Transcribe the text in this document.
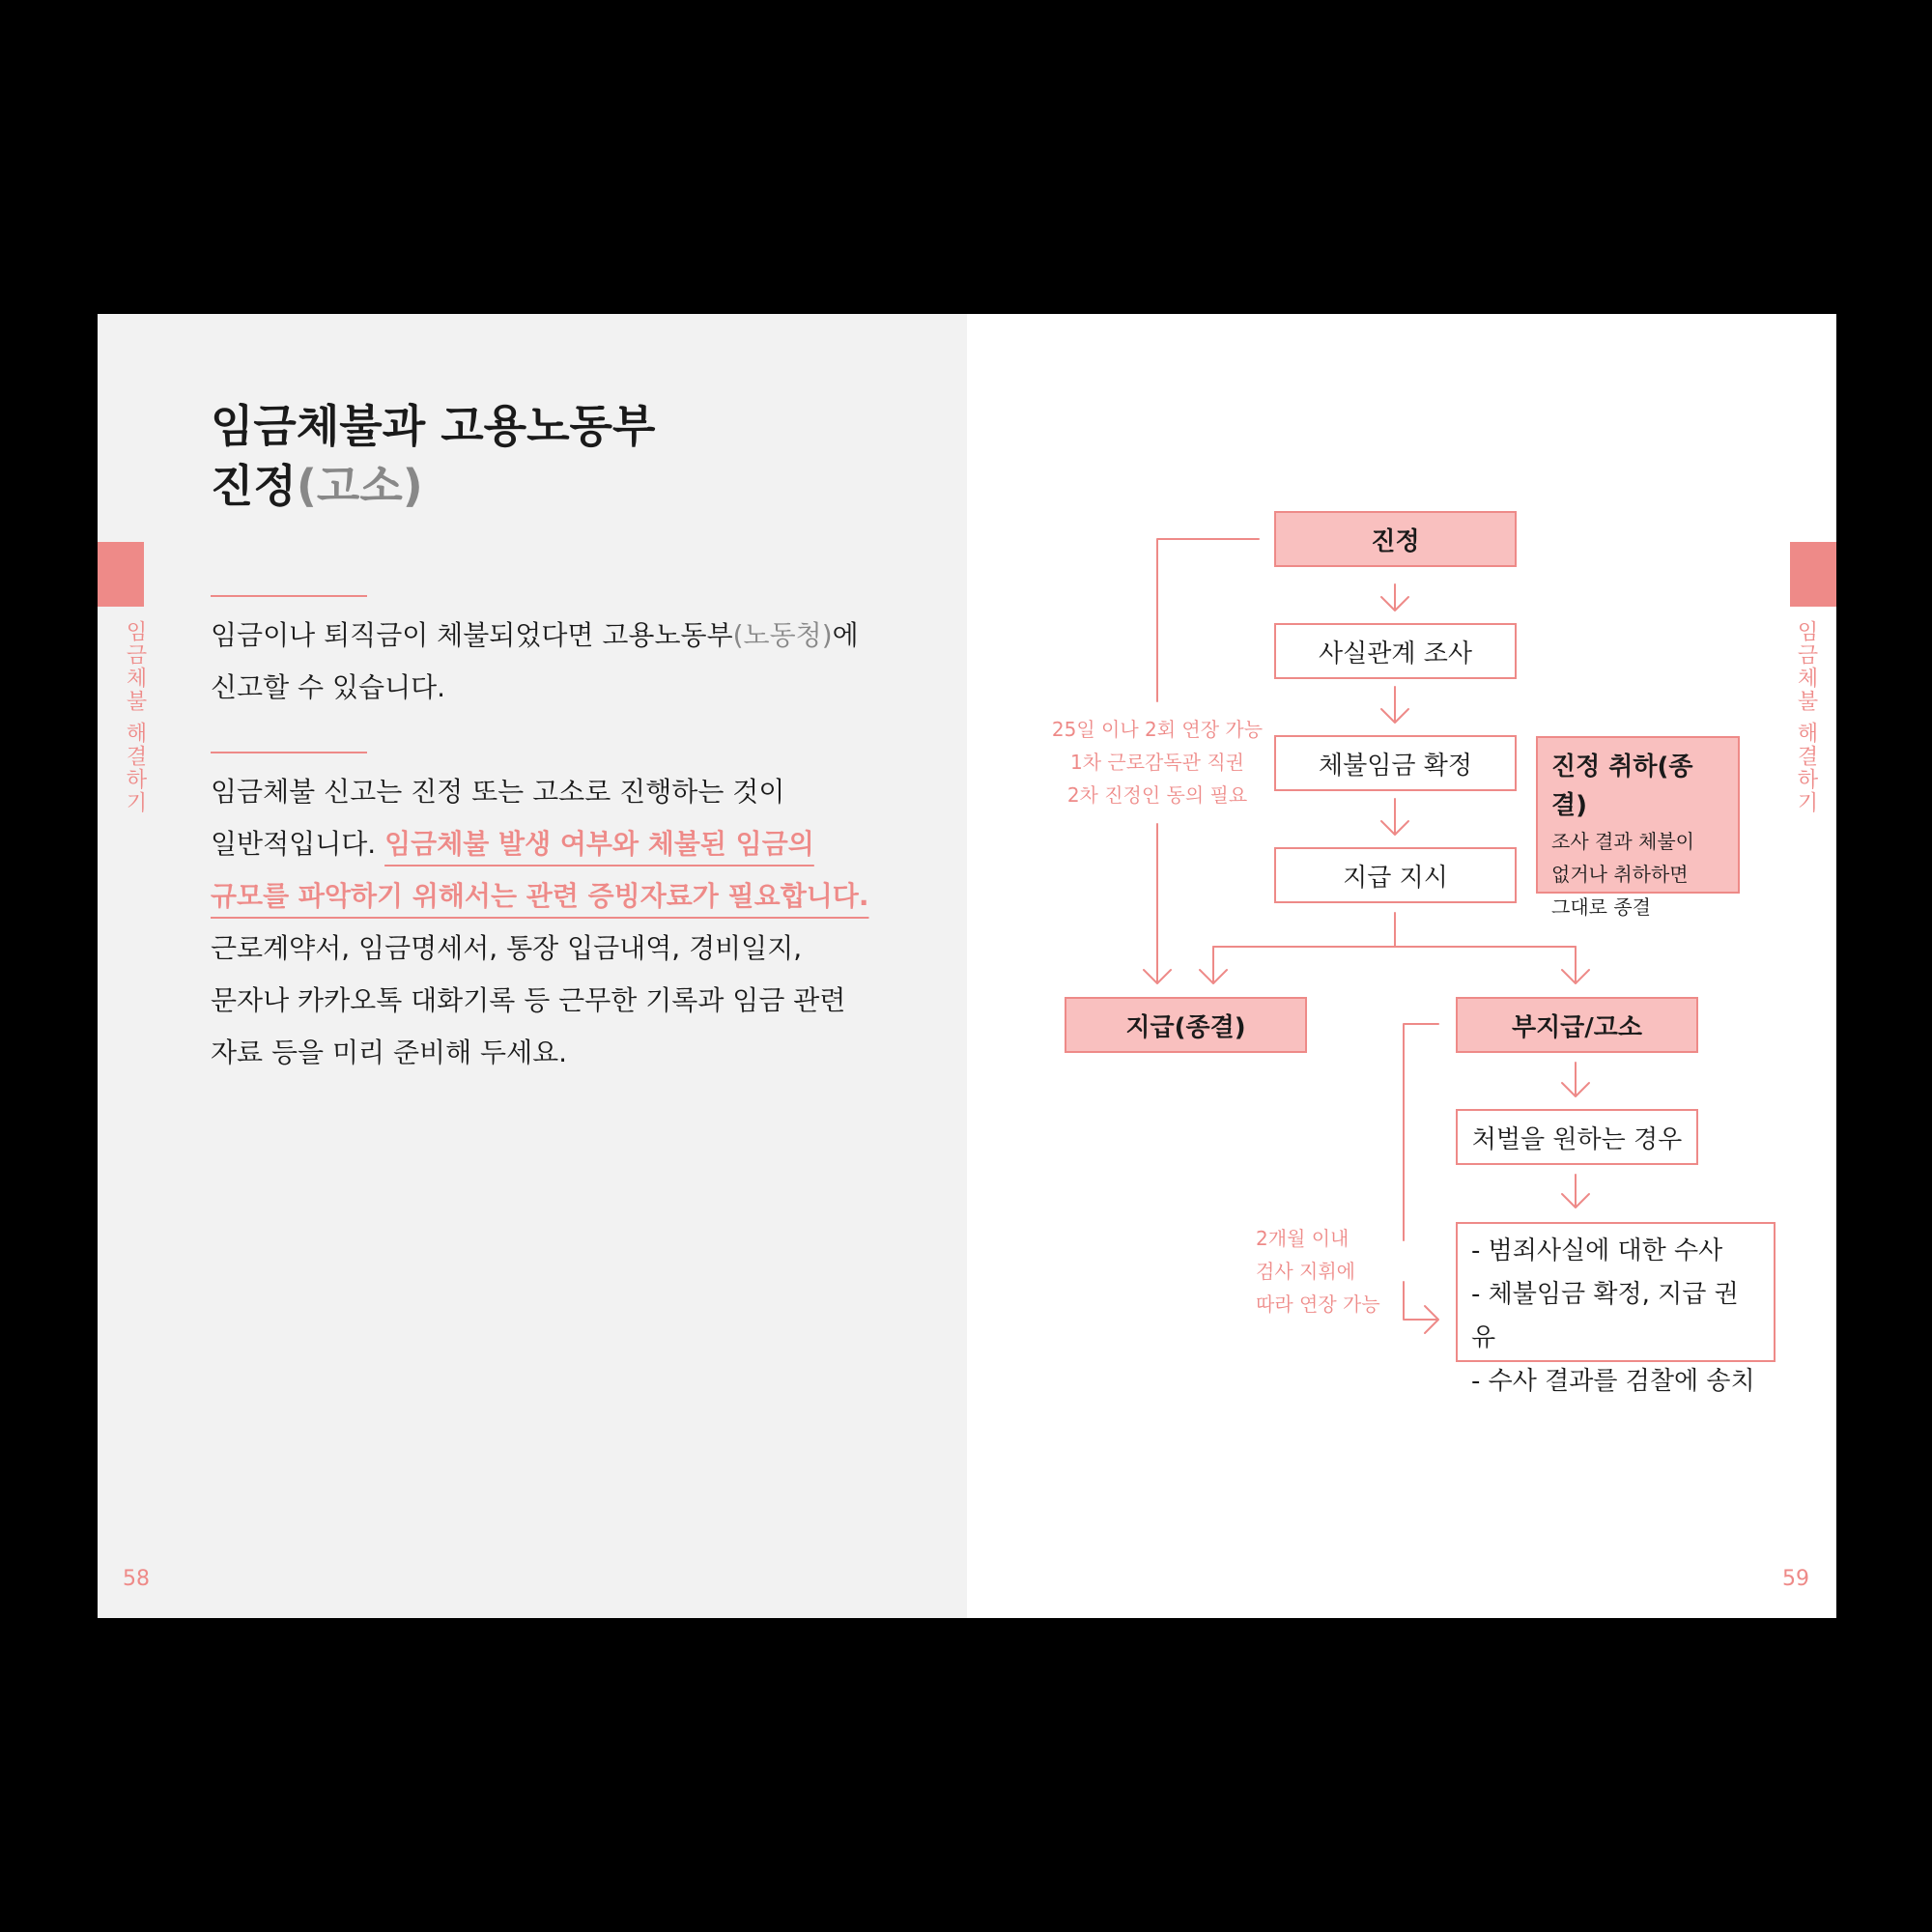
임금체불 해결하기
58
임금체불과 고용노동부
진정(고소)

임금이나 퇴직금이 체불되었다면 고용노동부(노동청)에
신고할 수 있습니다.

임금체불 신고는 진정 또는 고소로 진행하는 것이
일반적입니다. 임금체불 발생 여부와 체불된 임금의
규모를 파악하기 위해서는 관련 증빙자료가 필요합니다.
근로계약서, 임금명세서, 통장 입금내역, 경비일지,
문자나 카카오톡 대화기록 등 근무한 기록과 임금 관련
자료 등을 미리 준비해 두세요.

임금체불 해결하기
59
진정
사실관계 조사
체불임금 확정
지급 지시
지급(종결)	부지급/고소
처벌을 원하는 경우
- 범죄사실에 대한 수사
- 체불임금 확정, 지급 권유
- 수사 결과를 검찰에 송치
진정 취하(종결)

조사 결과 체불이
없거나 취하하면
그대로 종결

25일 이나 2회 연장 가능
1차 근로감독관 직권
2차 진정인 동의 필요

2개월 이내
검사 지휘에
따라 연장 가능
